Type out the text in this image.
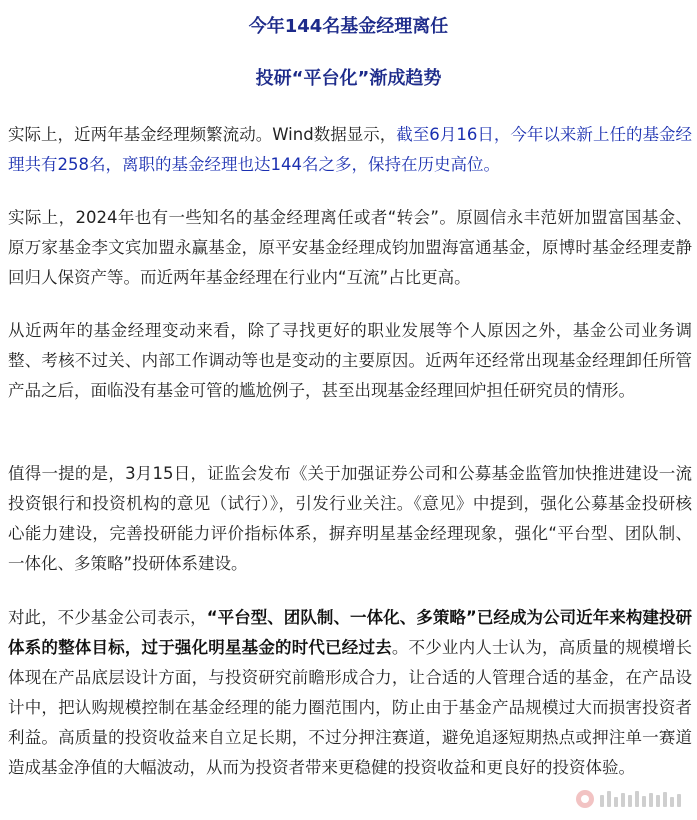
今年144名基金经理离任
投研“平台化”渐成趋势

实际上，近两年基金经理频繁流动。Wind数据显示，截至6月16日，今年以来新上任的基金经理共有258名，离职的基金经理也达144名之多，保持在历史高位。

实际上，2024年也有一些知名的基金经理离任或者“转会”。原圆信永丰范妍加盟富国基金、原万家基金李文宾加盟永赢基金，原平安基金经理成钧加盟海富通基金，原博时基金经理麦静回归人保资产等。而近两年基金经理在行业内“互流”占比更高。

从近两年的基金经理变动来看，除了寻找更好的职业发展等个人原因之外，基金公司业务调整、考核不过关、内部工作调动等也是变动的主要原因。近两年还经常出现基金经理卸任所管产品之后，面临没有基金可管的尴尬例子，甚至出现基金经理回炉担任研究员的情形。

值得一提的是，3月15日，证监会发布《关于加强证券公司和公募基金监管加快推进建设一流投资银行和投资机构的意见（试行）》，引发行业关注。《意见》中提到，强化公募基金投研核心能力建设，完善投研能力评价指标体系，摒弃明星基金经理现象，强化“平台型、团队制、一体化、多策略”投研体系建设。

对此，不少基金公司表示，“平台型、团队制、一体化、多策略”已经成为公司近年来构建投研体系的整体目标，过于强化明星基金的时代已经过去。不少业内人士认为，高质量的规模增长体现在产品底层设计方面，与投资研究前瞻形成合力，让合适的人管理合适的基金，在产品设计中，把认购规模控制在基金经理的能力圈范围内，防止由于基金产品规模过大而损害投资者利益。高质量的投资收益来自立足长期，不过分押注赛道，避免追逐短期热点或押注单一赛道造成基金净值的大幅波动，从而为投资者带来更稳健的投资收益和更良好的投资体验。
